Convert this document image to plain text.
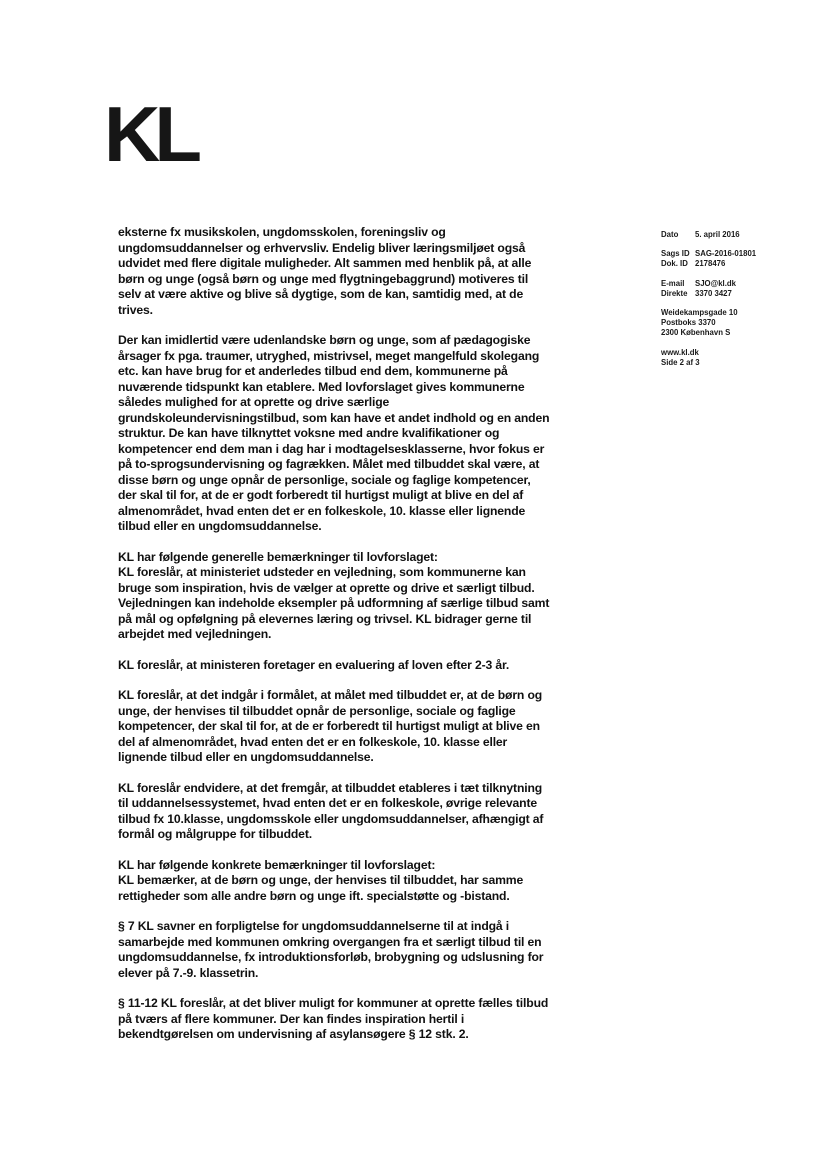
KL

eksterne fx musikskolen, ungdomsskolen, foreningsliv og ungdomsuddannelser og erhvervsliv. Endelig bliver læringsmiljøet også udvidet med flere digitale muligheder. Alt sammen med henblik på, at alle børn og unge (også børn og unge med flygtningebaggrund) motiveres til selv at være aktive og blive så dygtige, som de kan, samtidig med, at de trives.

Der kan imidlertid være udenlandske børn og unge, som af pædagogiske årsager fx pga. traumer, utryghed, mistrivsel, meget mangelfuld skolegang etc. kan have brug for et anderledes tilbud end dem, kommunerne på nuværende tidspunkt kan etablere. Med lovforslaget gives kommunerne således mulighed for at oprette og drive særlige grundskoleundervisningstilbud, som kan have et andet indhold og en anden struktur. De kan have tilknyttet voksne med andre kvalifikationer og kompetencer end dem man i dag har i modtagelsesklasserne, hvor fokus er på to-sprogsundervisning og fagrækken. Målet med tilbuddet skal være, at disse børn og unge opnår de personlige, sociale og faglige kompetencer, der skal til for, at de er godt forberedt til hurtigst muligt at blive en del af almenområdet, hvad enten det er en folkeskole, 10. klasse eller lignende tilbud eller en ungdomsuddannelse.

KL har følgende generelle bemærkninger til lovforslaget:
KL foreslår, at ministeriet udsteder en vejledning, som kommunerne kan bruge som inspiration, hvis de vælger at oprette og drive et særligt tilbud. Vejledningen kan indeholde eksempler på udformning af særlige tilbud samt på mål og opfølgning på elevernes læring og trivsel. KL bidrager gerne til arbejdet med vejledningen.

KL foreslår, at ministeren foretager en evaluering af loven efter 2-3 år.

KL foreslår, at det indgår i formålet, at målet med tilbuddet er, at de børn og unge, der henvises til tilbuddet opnår de personlige, sociale og faglige kompetencer, der skal til for, at de er forberedt til hurtigst muligt at blive en del af almenområdet, hvad enten det er en folkeskole, 10. klasse eller lignende tilbud eller en ungdomsuddannelse.

KL foreslår endvidere, at det fremgår, at tilbuddet etableres i tæt tilknytning til uddannelsessystemet, hvad enten det er en folkeskole, øvrige relevante tilbud fx 10.klasse, ungdomsskole eller ungdomsuddannelser, afhængigt af formål og målgruppe for tilbuddet.

KL har følgende konkrete bemærkninger til lovforslaget:
KL bemærker, at de børn og unge, der henvises til tilbuddet, har samme rettigheder som alle andre børn og unge ift. specialstøtte og -bistand.

§ 7 KL savner en forpligtelse for ungdomsuddannelserne til at indgå i samarbejde med kommunen omkring overgangen fra et særligt tilbud til en ungdomsuddannelse, fx introduktionsforløb, brobygning og udslusning for elever på 7.-9. klassetrin.

§ 11-12 KL foreslår, at det bliver muligt for kommuner at oprette fælles tilbud på tværs af flere kommuner. Der kan findes inspiration hertil i bekendtgørelsen om undervisning af asylansøgere § 12 stk. 2.

Dato 5. april 2016
Sags ID SAG-2016-01801
Dok. ID 2178476
E-mail SJO@kl.dk
Direkte 3370 3427
Weidekampsgade 10
Postboks 3370
2300 København S
www.kl.dk
Side 2 af 3
